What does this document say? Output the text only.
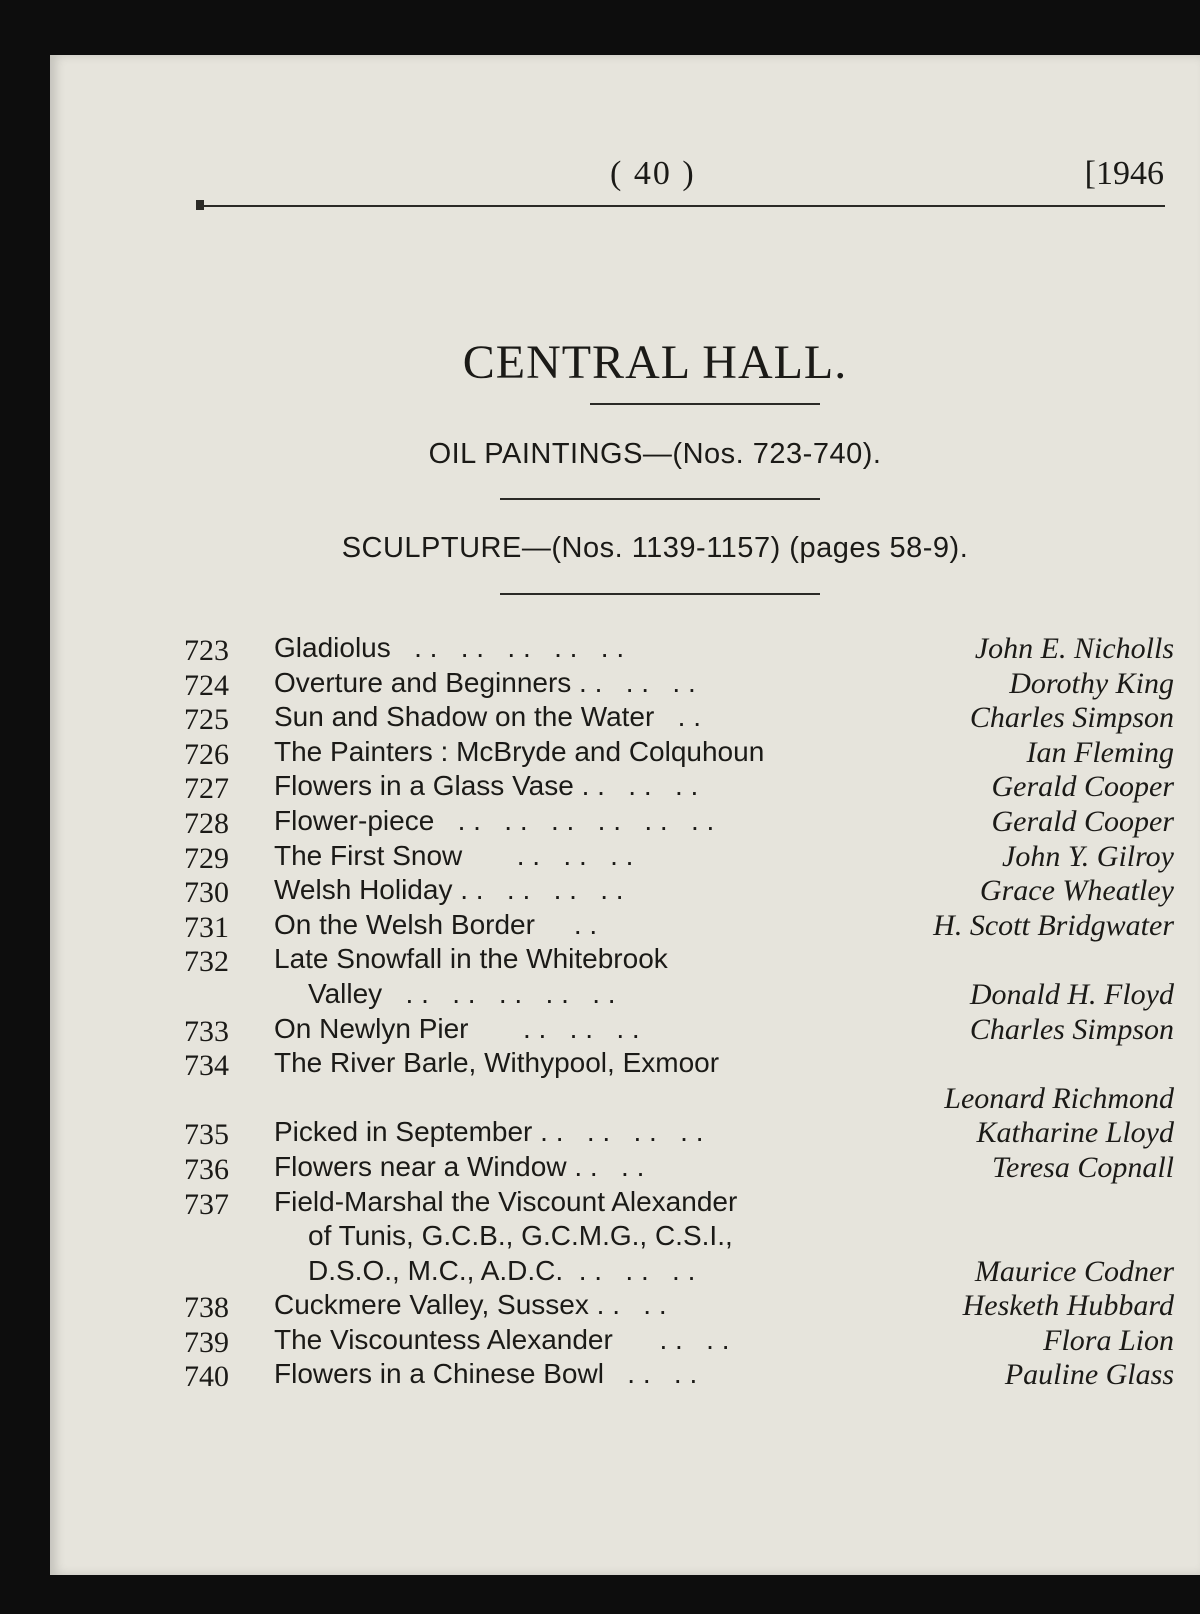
( 40 )	[1946
CENTRAL HALL.
OIL PAINTINGS—(Nos. 723-740).
SCULPTURE—(Nos. 1139-1157) (pages 58-9).
723 Gladiolus   . .   . .   . .   . .   . .	John E. Nicholls
724 Overture and Beginners . .   . .   . .	Dorothy King
725 Sun and Shadow on the Water   . .	Charles Simpson
726 The Painters : McBryde and Colquhoun	Ian Fleming
727 Flowers in a Glass Vase . .   . .   . .	Gerald Cooper
728 Flower-piece   . .   . .   . .   . .   . .   . .	Gerald Cooper
729 The First Snow       . .   . .   . .	John Y. Gilroy
730 Welsh Holiday . .   . .   . .   . .	Grace Wheatley
731 On the Welsh Border     . .	H. Scott Bridgwater
732 Late Snowfall in the Whitebrook
Valley   . .   . .   . .   . .   . .	Donald H. Floyd
733 On Newlyn Pier       . .   . .   . .	Charles Simpson
734 The River Barle, Withypool, Exmoor
Leonard Richmond
735 Picked in September . .   . .   . .   . .	Katharine Lloyd
736 Flowers near a Window . .   . .	Teresa Copnall
737 Field-Marshal the Viscount Alexander
of Tunis, G.C.B., G.C.M.G., C.S.I.,
D.S.O., M.C., A.D.C.  . .   . .   . .	Maurice Codner
738 Cuckmere Valley, Sussex . .   . .	Hesketh Hubbard
739 The Viscountess Alexander      . .   . .	Flora Lion
740 Flowers in a Chinese Bowl   . .   . .	Pauline Glass
